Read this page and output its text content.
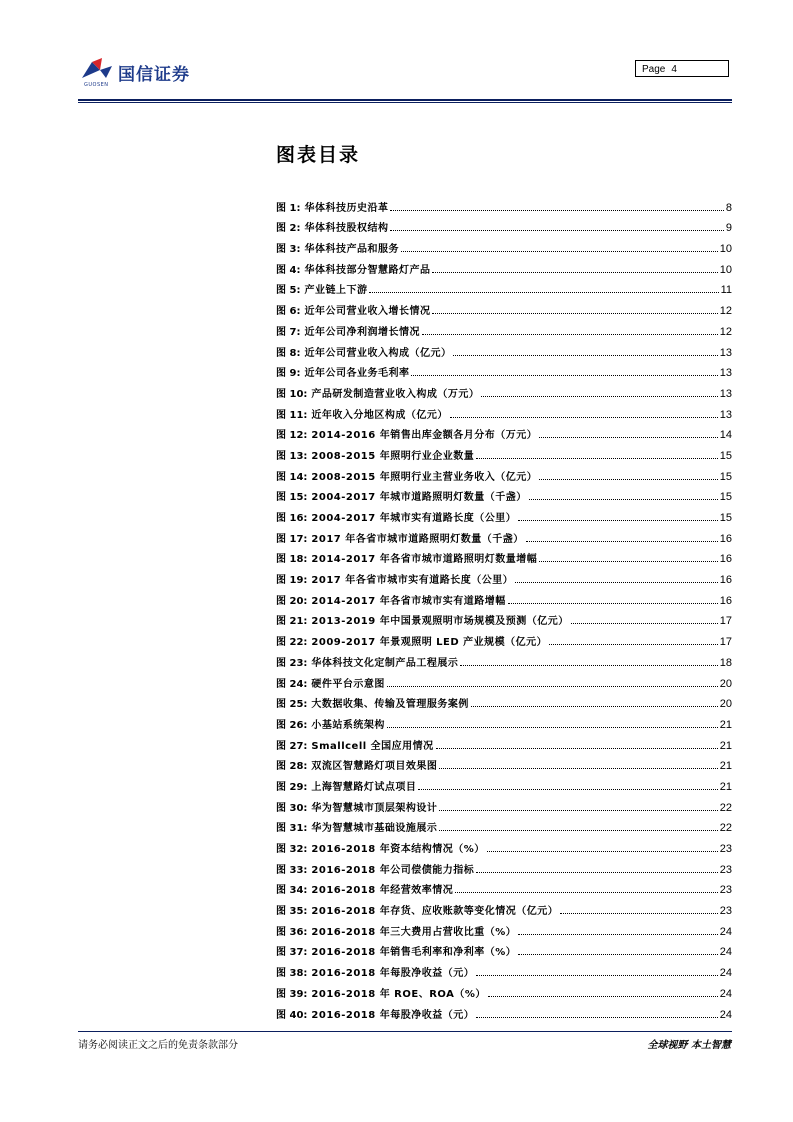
国信证券
GUOSEN
Page 4
图表目录
图 1: 华体科技历史沿革	8
图 2: 华体科技股权结构	9
图 3: 华体科技产品和服务	10
图 4: 华体科技部分智慧路灯产品	10
图 5: 产业链上下游	11
图 6: 近年公司营业收入增长情况	12
图 7: 近年公司净利润增长情况	12
图 8: 近年公司营业收入构成（亿元）	13
图 9: 近年公司各业务毛利率	13
图 10: 产品研发制造营业收入构成（万元）	13
图 11: 近年收入分地区构成（亿元）	13
图 12: 2014-2016 年销售出库金额各月分布（万元）	14
图 13: 2008-2015 年照明行业企业数量	15
图 14: 2008-2015 年照明行业主营业务收入（亿元）	15
图 15: 2004-2017 年城市道路照明灯数量（千盏）	15
图 16: 2004-2017 年城市实有道路长度（公里）	15
图 17: 2017 年各省市城市道路照明灯数量（千盏）	16
图 18: 2014-2017 年各省市城市道路照明灯数量增幅	16
图 19: 2017 年各省市城市实有道路长度（公里）	16
图 20: 2014-2017 年各省市城市实有道路增幅	16
图 21: 2013-2019 年中国景观照明市场规模及预测（亿元）	17
图 22: 2009-2017 年景观照明 LED 产业规模（亿元）	17
图 23: 华体科技文化定制产品工程展示	18
图 24: 硬件平台示意图	20
图 25: 大数据收集、传输及管理服务案例	20
图 26: 小基站系统架构	21
图 27: Smallcell 全国应用情况	21
图 28: 双流区智慧路灯项目效果图	21
图 29: 上海智慧路灯试点项目	21
图 30: 华为智慧城市顶层架构设计	22
图 31: 华为智慧城市基础设施展示	22
图 32: 2016-2018 年资本结构情况（%）	23
图 33: 2016-2018 年公司偿债能力指标	23
图 34: 2016-2018 年经营效率情况	23
图 35: 2016-2018 年存货、应收账款等变化情况（亿元）	23
图 36: 2016-2018 年三大费用占营收比重（%）	24
图 37: 2016-2018 年销售毛利率和净利率（%）	24
图 38: 2016-2018 年每股净收益（元）	24
图 39: 2016-2018 年 ROE、ROA（%）	24
图 40: 2016-2018 年每股净收益（元）	24
请务必阅读正文之后的免责条款部分	全球视野 本土智慧
